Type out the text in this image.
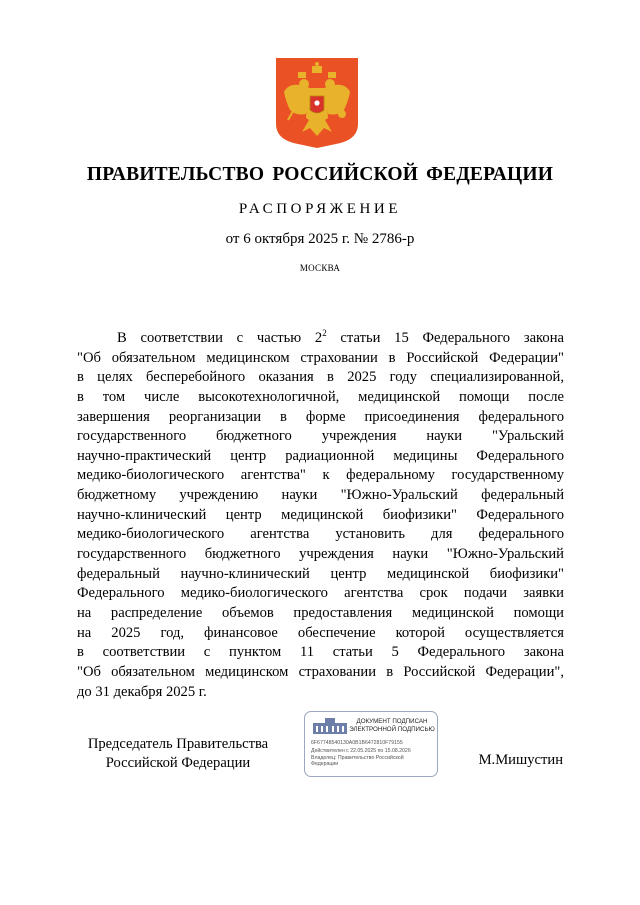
ПРАВИТЕЛЬСТВО РОССИЙСКОЙ ФЕДЕРАЦИИ
РАСПОРЯЖЕНИЕ
от 6 октября 2025 г. № 2786-р
МОСКВА
В соответствии с частью $2^2$ статьи 15 Федерального закона
"Об обязательном медицинском страховании в Российской Федерации"
в целях бесперебойного оказания в 2025 году специализированной,
в том числе высокотехнологичной, медицинской помощи после
завершения реорганизации в форме присоединения федерального
государственного бюджетного учреждения науки "Уральский
научно-практический центр радиационной медицины Федерального
медико-биологического агентства" к федеральному государственному
бюджетному учреждению науки "Южно-Уральский федеральный
научно-клинический центр медицинской биофизики" Федерального
медико-биологического агентства установить для федерального
государственного бюджетного учреждения науки "Южно-Уральский
федеральный научно-клинический центр медицинской биофизики"
Федерального медико-биологического агентства срок подачи заявки
на распределение объемов предоставления медицинской помощи
на 2025 год, финансовое обеспечение которой осуществляется
в соответствии с пунктом 11 статьи 5 Федерального закона
"Об обязательном медицинском страховании в Российской Федерации",
до 31 декабря 2025 г.
Председатель Правительства
Российской Федерации
ДОКУМЕНТ ПОДПИСАН
ЭЛЕКТРОННОЙ ПОДПИСЬЮ
6F67748540130A0B1B6472810F79155
Действителен с 22.05.2025 по 15.08.2026
Владелец: Правительство Российской
Федерации	М.Мишустин
